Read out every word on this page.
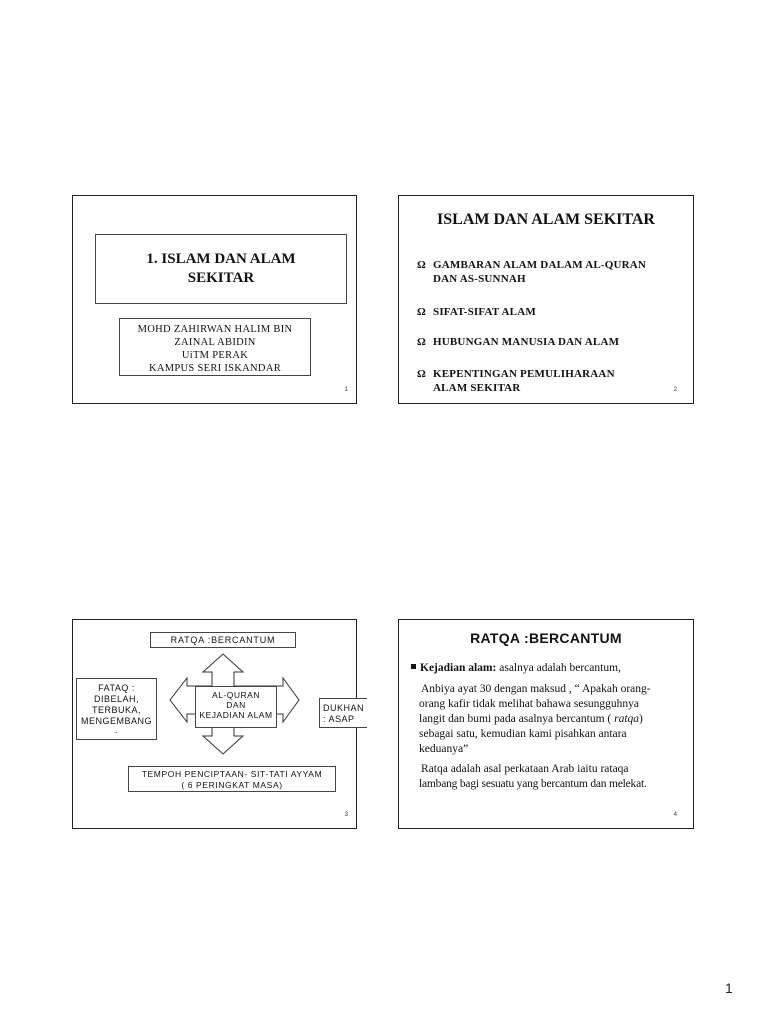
1. ISLAM DAN ALAM
SEKITAR
MOHD ZAHIRWAN HALIM BIN
ZAINAL ABIDIN
UiTM PERAK
KAMPUS SERI ISKANDAR
1
ISLAM DAN ALAM SEKITAR
Ω GAMBARAN ALAM DALAM AL-QURAN
DAN AS-SUNNAH
Ω SIFAT-SIFAT ALAM
Ω HUBUNGAN MANUSIA DAN ALAM
Ω KEPENTINGAN PEMULIHARAAN
ALAM SEKITAR	2
RATQA :BERCANTUM
AL-QURAN
DAN
KEJADIAN ALAM
FATAQ :
DIBELAH,
TERBUKA,
MENGEMBANG
.
DUKHAN
: ASAP
TEMPOH PENCIPTAAN- SIT-TATI AYYAM
( 6 PERINGKAT MASA)
3
RATQA :BERCANTUM
Kejadian alam: asalnya adalah bercantum,
Anbiya ayat 30 dengan maksud , “ Apakah orang-
orang kafir tidak melihat bahawa sesungguhnya
langit dan bumi pada asalnya bercantum ( ratqa)
sebagai satu, kemudian kami pisahkan antara
keduanya”
Ratqa adalah asal perkataan Arab iaitu rataqa
lambang bagi sesuatu yang bercantum dan melekat.
4
1
